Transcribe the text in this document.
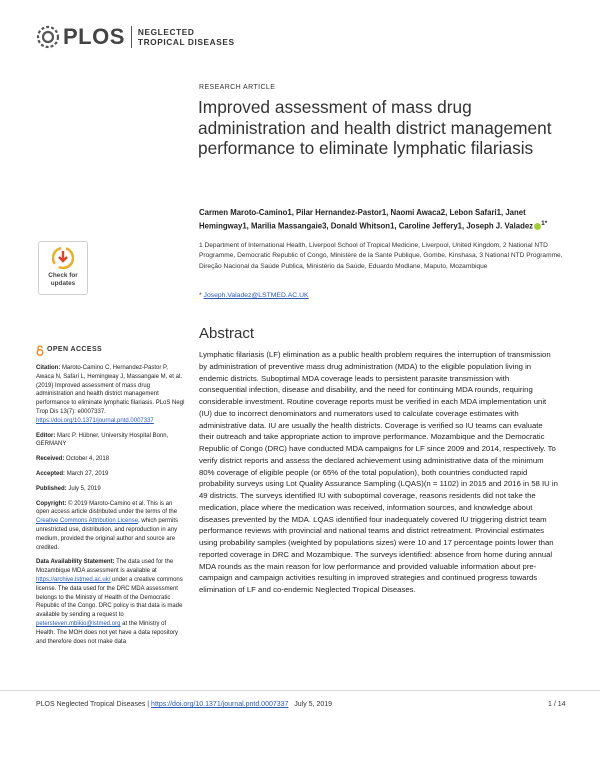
PLOS NEGLECTED
TROPICAL DISEASES
RESEARCH ARTICLE
Improved assessment of mass drug administration and health district management performance to eliminate lymphatic filariasis
Carmen Maroto-Camino1, Pilar Hernandez-Pastor1, Naomi Awaca2, Lebon Safari1, Janet Hemingway1, Marilia Massangaie3, Donald Whitson1, Caroline Jeffery1, Joseph J. Valadez $^{1*}$
1 Department of International Health, Liverpool School of Tropical Medicine, Liverpool, United Kingdom, 2 National NTD Programme, Democratic Republic of Congo, Ministère de la Sante Publique, Gombe, Kinshasa, 3 National NTD Programme, Direção Nacional da Saúde Publica, Ministério da Saúde, Eduardo Modlane, Maputo, Mozambique
* Joseph.Valadez@LSTMED.AC.UK
Check for
updates
OPEN ACCESS
Citation: Maroto-Camino C, Hernandez-Pastor P, Awaca N, Safari L, Hemingway J, Massangaie M, et al. (2019) Improved assessment of mass drug administration and health district management performance to eliminate lymphatic filariasis. PLoS Negl Trop Dis 13(7): e0007337. https://doi.org/10.1371/journal.pntd.0007337
Editor: Marc P. Hübner, University Hospital Bonn, GERMANY
Received: October 4, 2018
Accepted: March 27, 2019
Published: July 5, 2019
Copyright: © 2019 Maroto-Camino et al. This is an open access article distributed under the terms of the Creative Commons Attribution License, which permits unrestricted use, distribution, and reproduction in any medium, provided the original author and source are credited.
Data Availability Statement: The data used for the Mozambique MDA assessment is available at https://archive.lstmed.ac.uk/ under a creative commons license. The data used for the DRC MDA assessment belongs to the Ministry of Health of the Democratic Republic of the Congo. DRC policy is that data is made available by sending a request to petersteven.mbikio@lstmed.org at the Ministry of Health. The MOH does not yet have a data repository and therefore does not make data
Abstract
Lymphatic filariasis (LF) elimination as a public health problem requires the interruption of transmission by administration of preventive mass drug administration (MDA) to the eligible population living in endemic districts. Suboptimal MDA coverage leads to persistent parasite transmission with consequential infection, disease and disability, and the need for continuing MDA rounds, requiring considerable investment. Routine coverage reports must be verified in each MDA implementation unit (IU) due to incorrect denominators and numerators used to calculate coverage estimates with administrative data. IU are usually the health districts. Coverage is verified so IU teams can evaluate their outreach and take appropriate action to improve performance. Mozambique and the Democratic Republic of Congo (DRC) have conducted MDA campaigns for LF since 2009 and 2014, respectively. To verify district reports and assess the declared achievement using administrative data of the minimum 80% coverage of eligible people (or 65% of the total population), both countries conducted rapid probability surveys using Lot Quality Assurance Sampling (LQAS)(n = 1102) in 2015 and 2016 in 58 IU in 49 districts. The surveys identified IU with suboptimal coverage, reasons residents did not take the medication, place where the medication was received, information sources, and knowledge about diseases prevented by the MDA. LQAS identified four inadequately covered IU triggering district team performance reviews with provincial and national teams and district retreatment. Provincial estimates using probability samples (weighted by populations sizes) were 10 and 17 percentage points lower than reported coverage in DRC and Mozambique. The surveys identified: absence from home during annual MDA rounds as the main reason for low performance and provided valuable information about pre-campaign and campaign activities resulting in improved strategies and continued progress towards elimination of LF and co-endemic Neglected Tropical Diseases.
PLOS Neglected Tropical Diseases | https://doi.org/10.1371/journal.pntd.0007337 July 5, 2019	1 / 14
